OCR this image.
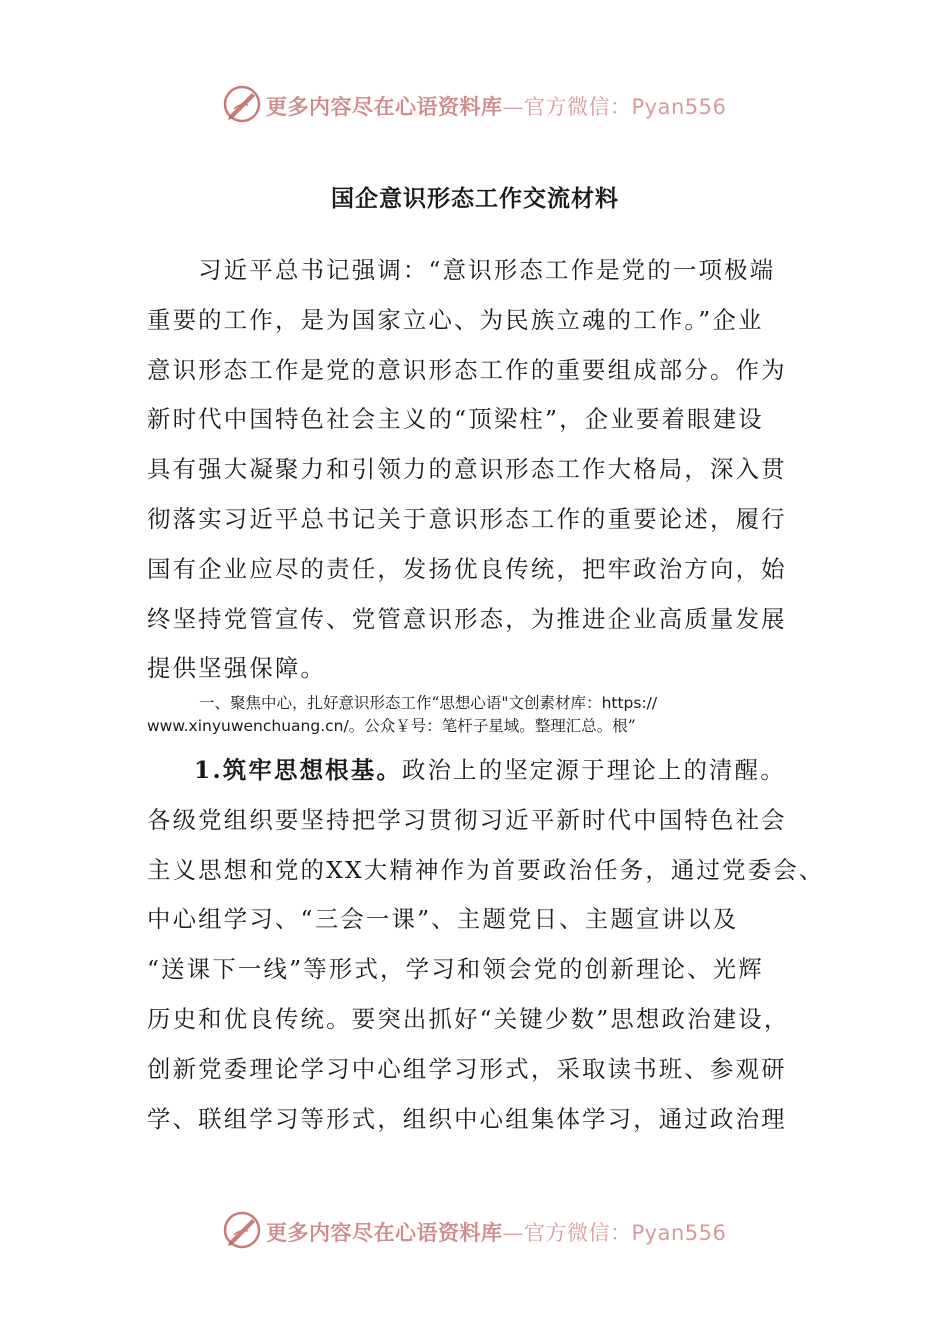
更多内容尽在心语资料库—官方微信：Pyan556
国企意识形态工作交流材料
　　习近平总书记强调：“意识形态工作是党的一项极端
重要的工作，是为国家立心、为民族立魂的工作。”企业
意识形态工作是党的意识形态工作的重要组成部分。作为
新时代中国特色社会主义的“顶梁柱”，企业要着眼建设
具有强大凝聚力和引领力的意识形态工作大格局，深入贯
彻落实习近平总书记关于意识形态工作的重要论述，履行
国有企业应尽的责任，发扬优良传统，把牢政治方向，始
终坚持党管宣传、党管意识形态，为推进企业高质量发展
提供坚强保障。
一、聚焦中心，扎好意识形态工作“思想心语"文创素材库：https://
www.xinyuwenchuang.cn/。公众￥号：笔杆子星域。整理汇总。根”
1.筑牢思想根基。政治上的坚定源于理论上的清醒。
各级党组织要坚持把学习贯彻习近平新时代中国特色社会
主义思想和党的XX大精神作为首要政治任务，通过党委会、
中心组学习、“三会一课”、主题党日、主题宣讲以及
“送课下一线”等形式，学习和领会党的创新理论、光辉
历史和优良传统。要突出抓好“关键少数”思想政治建设，
创新党委理论学习中心组学习形式，采取读书班、参观研
学、联组学习等形式，组织中心组集体学习，通过政治理
更多内容尽在心语资料库—官方微信：Pyan556
